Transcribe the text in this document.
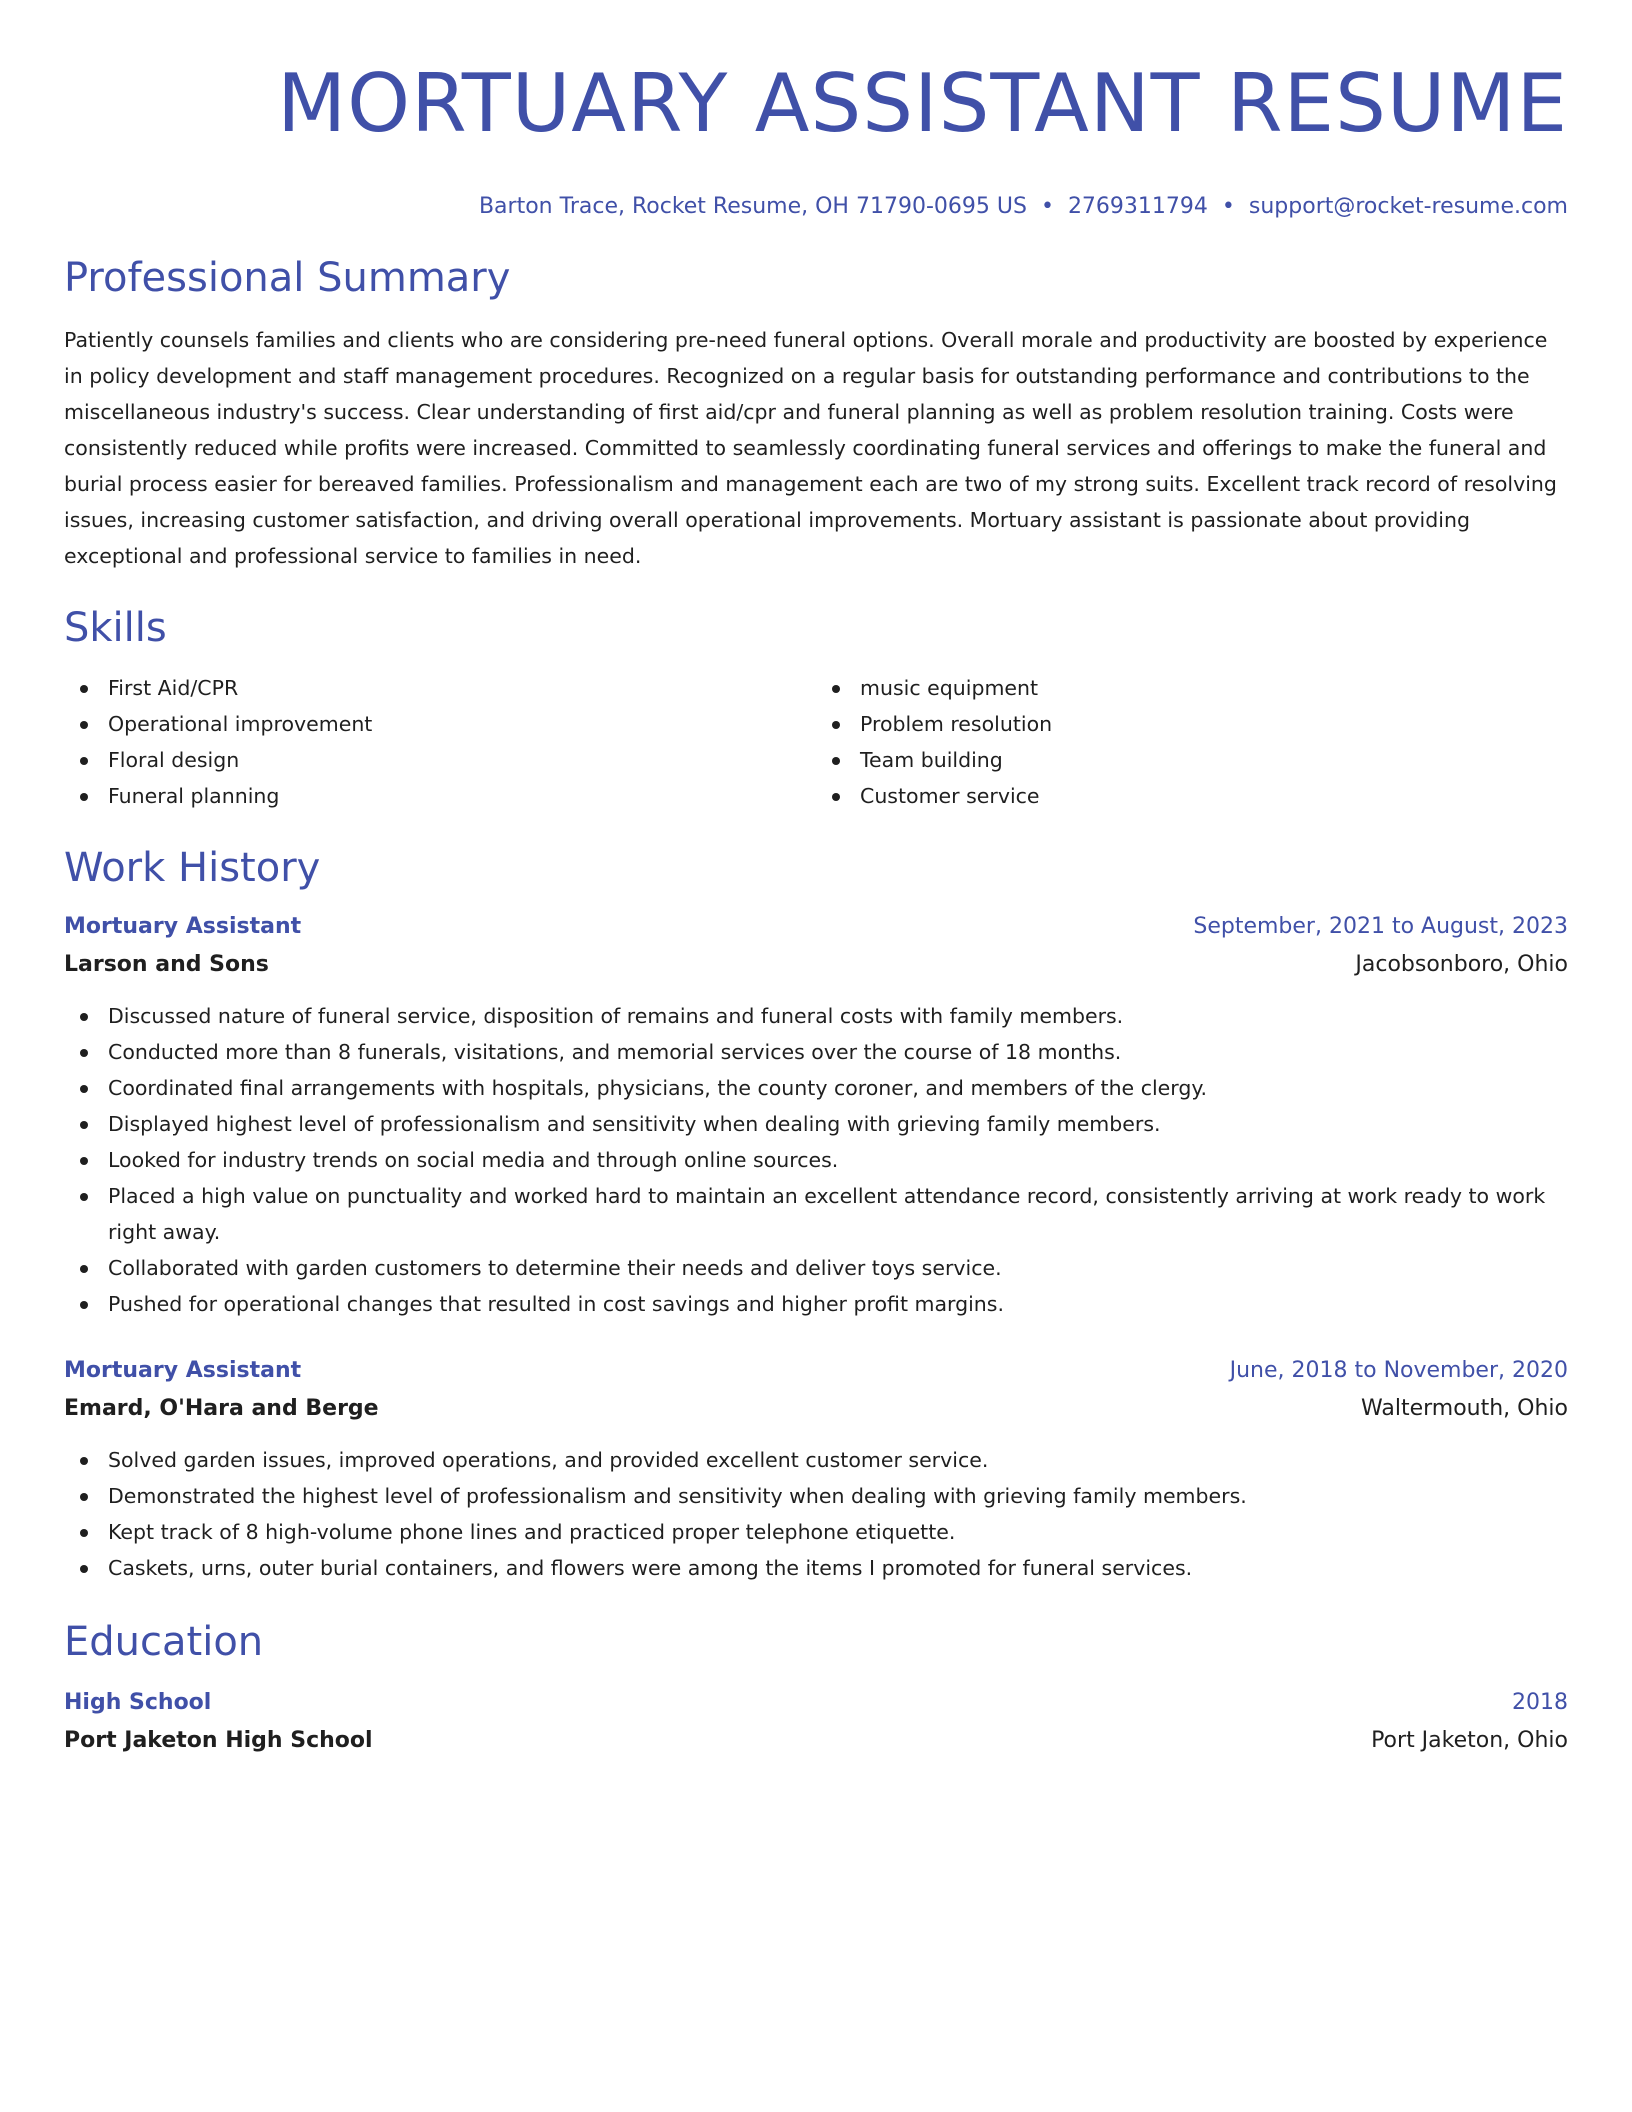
MORTUARY ASSISTANT RESUME
Barton Trace, Rocket Resume, OH 71790-0695 US • 2769311794 • support@rocket-resume.com
Professional Summary

Patiently counsels families and clients who are considering pre-need funeral options. Overall morale and productivity are boosted by experience in policy development and staff management procedures. Recognized on a regular basis for outstanding performance and contributions to the miscellaneous industry's success. Clear understanding of first aid/cpr and funeral planning as well as problem resolution training. Costs were consistently reduced while profits were increased. Committed to seamlessly coordinating funeral services and offerings to make the funeral and burial process easier for bereaved families. Professionalism and management each are two of my strong suits. Excellent track record of resolving issues, increasing customer satisfaction, and driving overall operational improvements. Mortuary assistant is passionate about providing exceptional and professional service to families in need.

Skills
First Aid/CPR
Operational improvement
Floral design
Funeral planning
music equipment
Problem resolution
Team building
Customer service
Work History
Mortuary Assistant	September, 2021 to August, 2023
Larson and Sons	Jacobsonboro, Ohio
Discussed nature of funeral service, disposition of remains and funeral costs with family members.
Conducted more than 8 funerals, visitations, and memorial services over the course of 18 months.
Coordinated final arrangements with hospitals, physicians, the county coroner, and members of the clergy.
Displayed highest level of professionalism and sensitivity when dealing with grieving family members.
Looked for industry trends on social media and through online sources.
Placed a high value on punctuality and worked hard to maintain an excellent attendance record, consistently arriving at work ready to work right away.
Collaborated with garden customers to determine their needs and deliver toys service.
Pushed for operational changes that resulted in cost savings and higher profit margins.
Mortuary Assistant	June, 2018 to November, 2020
Emard, O'Hara and Berge	Waltermouth, Ohio
Solved garden issues, improved operations, and provided excellent customer service.
Demonstrated the highest level of professionalism and sensitivity when dealing with grieving family members.
Kept track of 8 high-volume phone lines and practiced proper telephone etiquette.
Caskets, urns, outer burial containers, and flowers were among the items I promoted for funeral services.
Education
High School	2018
Port Jaketon High School	Port Jaketon, Ohio
